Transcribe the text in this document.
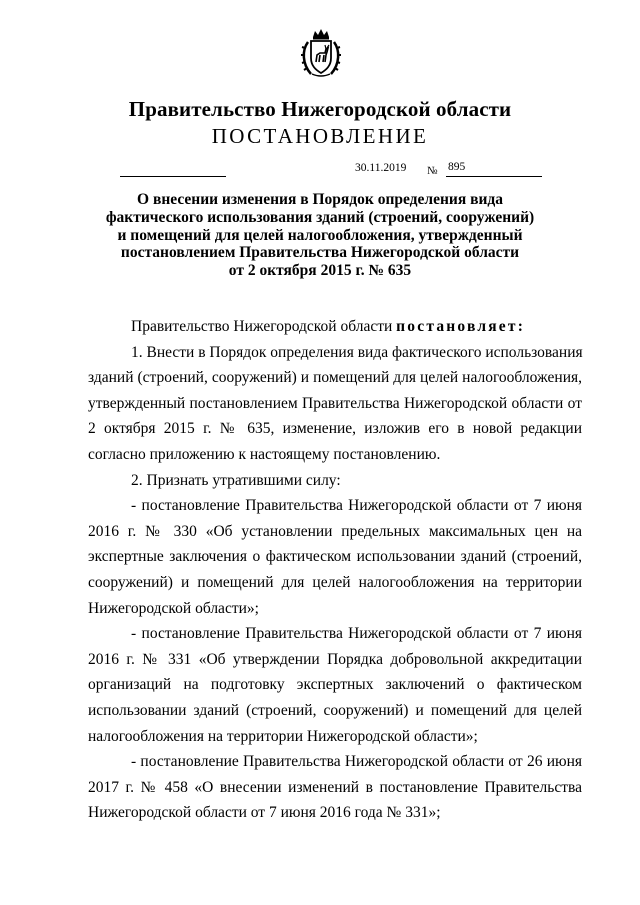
Правительство Нижегородской области
ПОСТАНОВЛЕНИЕ
30.11.2019 № 895
О внесении изменения в Порядок определения вида
фактического использования зданий (строений, сооружений)
и помещений для целей налогообложения, утвержденный
постановлением Правительства Нижегородской области
от 2 октября 2015 г. № 635
Правительство Нижегородской области постановляет:
1. Внести в Порядок определения вида фактического использования
зданий (строений, сооружений) и помещений для целей налогообложения,
утвержденный постановлением Правительства Нижегородской области от
2 октября 2015 г. № 635, изменение, изложив его в новой редакции
согласно приложению к настоящему постановлению.
2. Признать утратившими силу:
- постановление Правительства Нижегородской области от 7 июня
2016 г. № 330 «Об установлении предельных максимальных цен на
экспертные заключения о фактическом использовании зданий (строений,
сооружений) и помещений для целей налогообложения на территории
Нижегородской области»;
- постановление Правительства Нижегородской области от 7 июня
2016 г. № 331 «Об утверждении Порядка добровольной аккредитации
организаций на подготовку экспертных заключений о фактическом
использовании зданий (строений, сооружений) и помещений для целей
налогообложения на территории Нижегородской области»;
- постановление Правительства Нижегородской области от 26 июня
2017 г. № 458 «О внесении изменений в постановление Правительства
Нижегородской области от 7 июня 2016 года № 331»;
